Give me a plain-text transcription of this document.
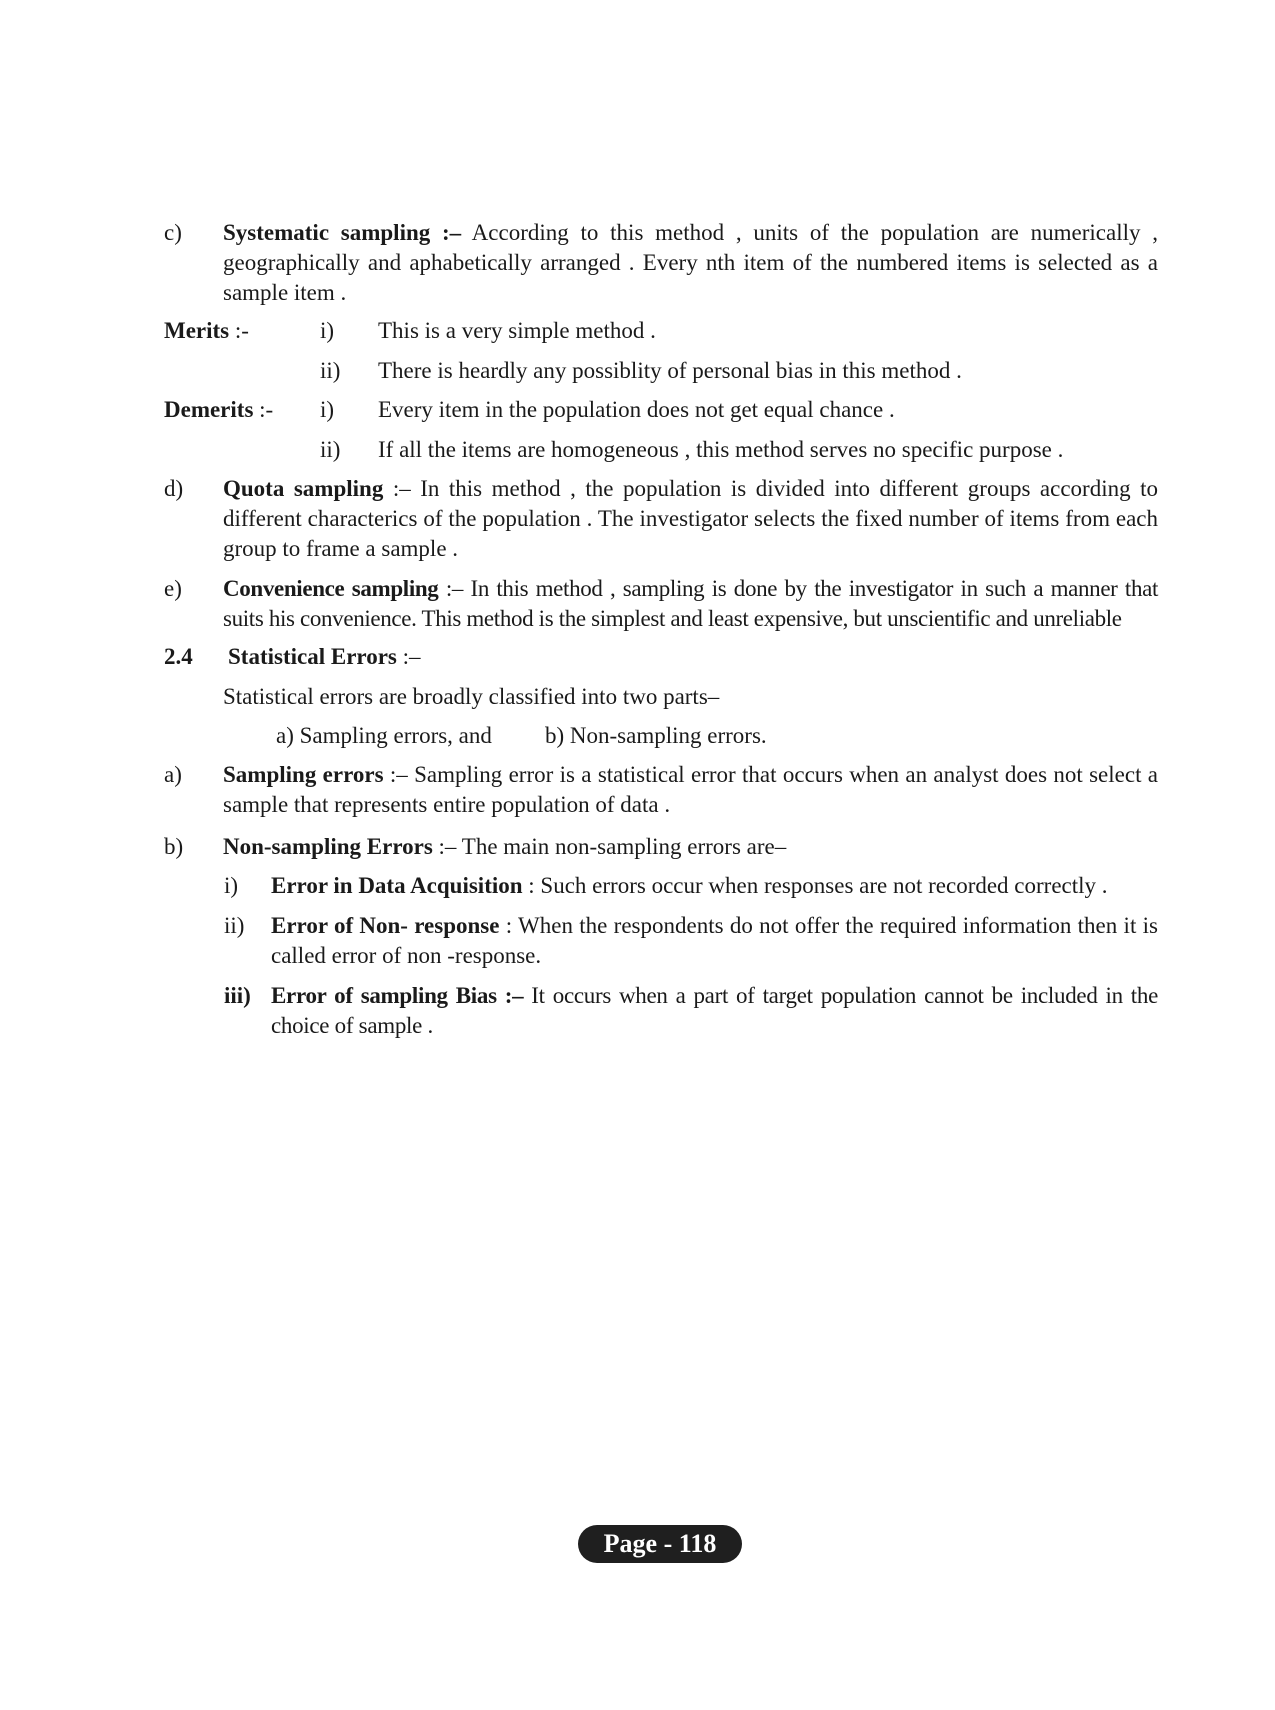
c) Systematic sampling :– According to this method , units of the population are numerically , geographically and aphabetically arranged . Every nth item of the numbered items is selected as a sample item .
Merits :-	i) This is a very simple method .
ii) There is heardly any possiblity of personal bias in this method .
Demerits :- i) Every item in the population does not get equal chance .
ii) If all the items are homogeneous , this method serves no specific purpose .
d) Quota sampling :– In this method , the population is divided into different groups according to different characterics of the population . The investigator selects the fixed number of items from each group to frame a sample .
e) Convenience sampling :– In this method , sampling is done by the investigator in such a manner that suits his convenience. This method is the simplest and least expensive, but unscientific and unreliable
2.4 Statistical Errors :–
Statistical errors are broadly classified into two parts–
a) Sampling errors, and b) Non-sampling errors.
a) Sampling errors :– Sampling error is a statistical error that occurs when an analyst does not select a sample that represents entire population of data .
b) Non-sampling Errors :– The main non-sampling errors are–
i) Error in Data Acquisition : Such errors occur when responses are not recorded correctly .
ii) Error of Non- response : When the respondents do not offer the required information then it is called error of non -response.
iii) Error of sampling Bias :– It occurs when a part of target population cannot be included in the choice of sample .
Page - 118
